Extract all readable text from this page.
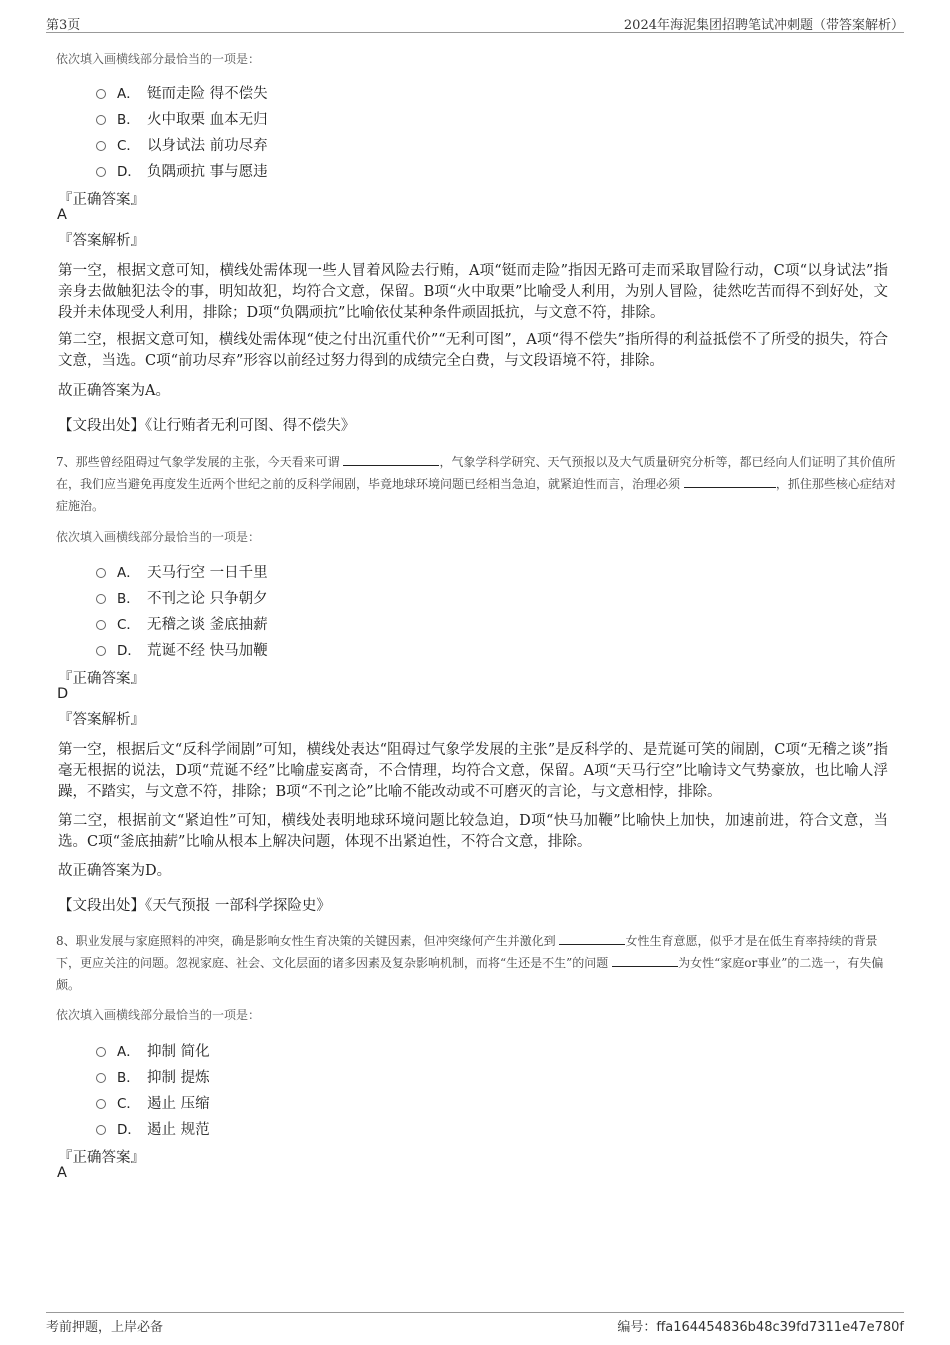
第3页	2024年海泥集团招聘笔试冲刺题（带答案解析）
依次填入画横线部分最恰当的一项是：
A． 铤而走险 得不偿失
B． 火中取栗 血本无归
C． 以身试法 前功尽弃
D． 负隅顽抗 事与愿违
『正确答案』
A
『答案解析』
第一空，根据文意可知，横线处需体现一些人冒着风险去行贿，A项“铤而走险”指因无路可走而采取冒险行动，C项“以身试法”指亲身去做触犯法令的事，明知故犯，均符合文意，保留。B项“火中取栗”比喻受人利用，为别人冒险，徒然吃苦而得不到好处，文段并未体现受人利用，排除；D项“负隅顽抗”比喻依仗某种条件顽固抵抗，与文意不符，排除。
第二空，根据文意可知，横线处需体现“使之付出沉重代价”“无利可图”，A项“得不偿失”指所得的利益抵偿不了所受的损失，符合文意，当选。C项“前功尽弃”形容以前经过努力得到的成绩完全白费，与文段语境不符，排除。
故正确答案为A。
【文段出处】《让行贿者无利可图、得不偿失》
7、那些曾经阻碍过气象学发展的主张，今天看来可谓	，气象学科学研究、天气预报以及大气质量研究分析等，都已经向人们证明了其价值所在，我们应当避免再度发生近两个世纪之前的反科学闹剧，毕竟地球环境问题已经相当急迫，就紧迫性而言，治理必须	，抓住那些核心症结对症施治。
依次填入画横线部分最恰当的一项是：
A． 天马行空 一日千里
B． 不刊之论 只争朝夕
C． 无稽之谈 釜底抽薪
D． 荒诞不经 快马加鞭
『正确答案』
D
『答案解析』
第一空，根据后文“反科学闹剧”可知，横线处表达“阻碍过气象学发展的主张”是反科学的、是荒诞可笑的闹剧，C项“无稽之谈”指毫无根据的说法，D项“荒诞不经”比喻虚妄离奇，不合情理，均符合文意，保留。A项“天马行空”比喻诗文气势豪放，也比喻人浮躁，不踏实，与文意不符，排除；B项“不刊之论”比喻不能改动或不可磨灭的言论，与文意相悖，排除。
第二空，根据前文“紧迫性”可知，横线处表明地球环境问题比较急迫，D项“快马加鞭”比喻快上加快，加速前进，符合文意，当选。C项“釜底抽薪”比喻从根本上解决问题，体现不出紧迫性，不符合文意，排除。
故正确答案为D。
【文段出处】《天气预报 一部科学探险史》
8、职业发展与家庭照料的冲突，确是影响女性生育决策的关键因素，但冲突缘何产生并激化到	女性生育意愿，似乎才是在低生育率持续的背景下，更应关注的问题。忽视家庭、社会、文化层面的诸多因素及复杂影响机制，而将“生还是不生”的问题	为女性“家庭or事业”的二选一，有失偏颇。
依次填入画横线部分最恰当的一项是：
A． 抑制 简化
B． 抑制 提炼
C． 遏止 压缩
D． 遏止 规范
『正确答案』
A
考前押题，上岸必备	编号：ffa164454836b48c39fd7311e47e780f
